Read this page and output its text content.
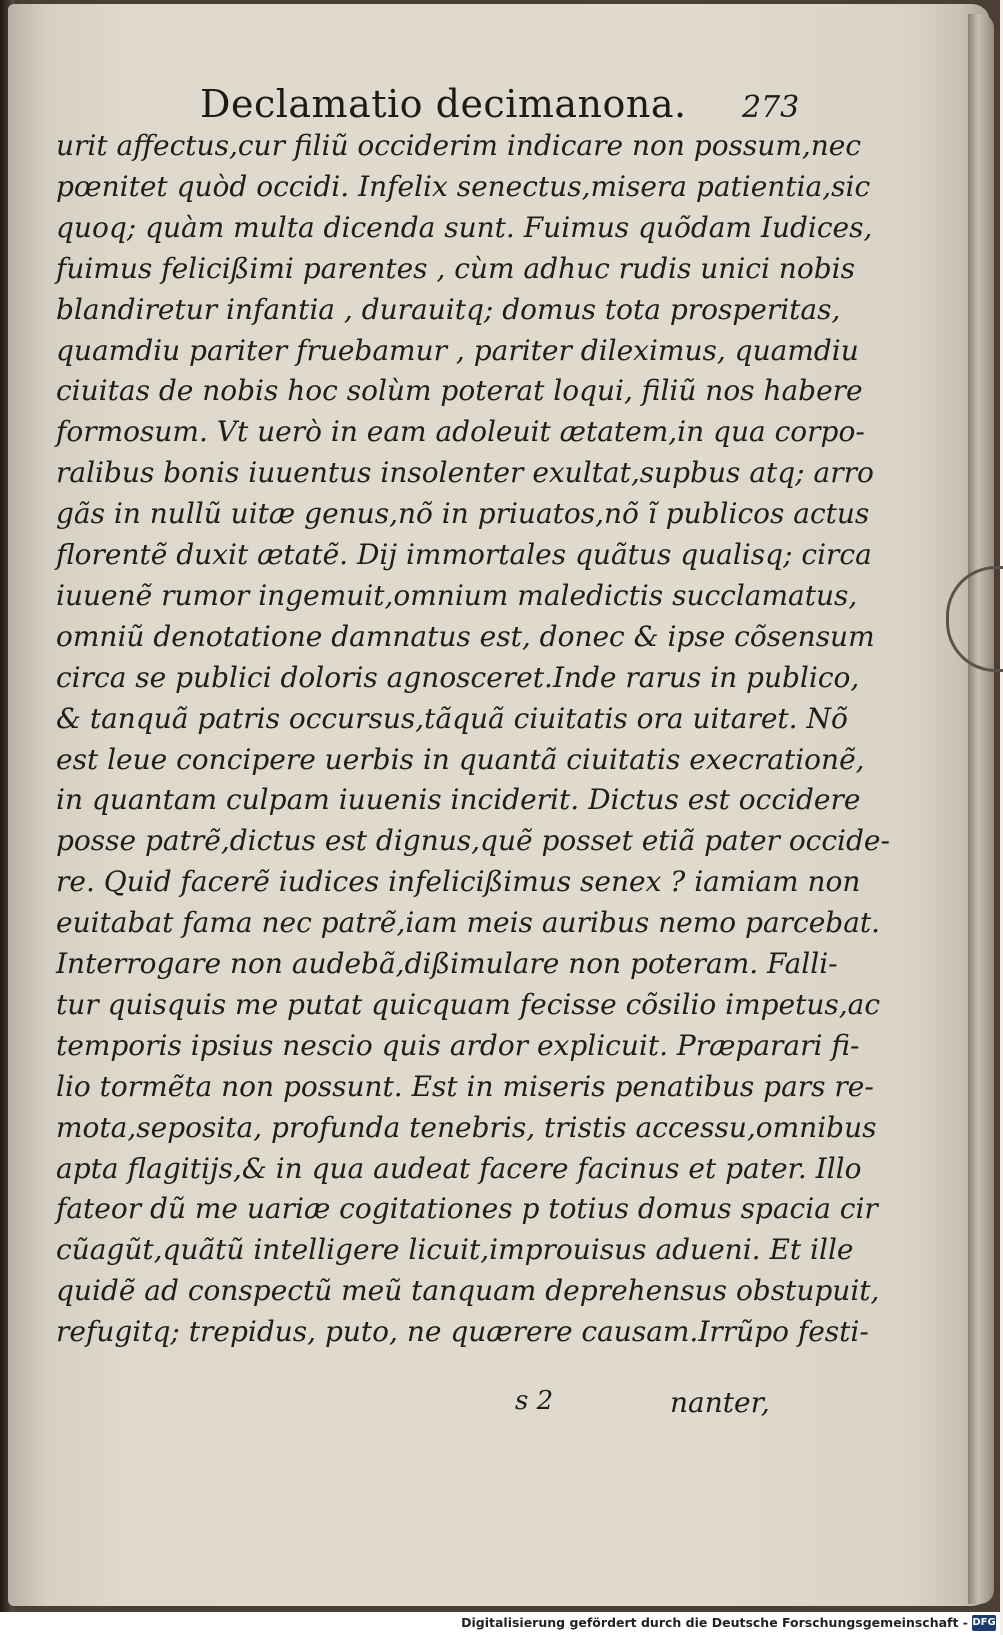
Declamatio decimanona.	273
urit affectus,cur filiũ occiderim indicare non possum,nec
pœnitet quòd occidi. Infelix senectus,misera patientia,sic
quoq; quàm multa dicenda sunt. Fuimus quõdam Iudices,
fuimus felicißimi parentes , cùm adhuc rudis unici nobis
blandiretur infantia , durauitq; domus tota prosperitas,
quamdiu pariter fruebamur , pariter dileximus, quamdiu
ciuitas de nobis hoc solùm poterat loqui, filiũ nos habere
formosum. Vt uerò in eam adoleuit ætatem,in qua corpo-
ralibus bonis iuuentus insolenter exultat,supbus atq; arro
gãs in nullũ uitæ genus,nõ in priuatos,nõ ĩ publicos actus
florentẽ duxit ætatẽ. Dij immortales quãtus qualisq; circa
iuuenẽ rumor ingemuit,omnium maledictis succlamatus,
omniũ denotatione damnatus est, donec & ipse cõsensum
circa se publici doloris agnosceret.Inde rarus in publico,
& tanquã patris occursus,tãquã ciuitatis ora uitaret. Nõ
est leue concipere uerbis in quantã ciuitatis execrationẽ,
in quantam culpam iuuenis inciderit. Dictus est occidere
posse patrẽ,dictus est dignus,quẽ posset etiã pater occide-
re. Quid facerẽ iudices infelicißimus senex ? iamiam non
euitabat fama nec patrẽ,iam meis auribus nemo parcebat.
Interrogare non audebã,dißimulare non poteram. Falli-
tur quisquis me putat quicquam fecisse cõsilio impetus,ac
temporis ipsius nescio quis ardor explicuit. Præparari fi-
lio tormẽta non possunt. Est in miseris penatibus pars re-
mota,seposita, profunda tenebris, tristis accessu,omnibus
apta flagitijs,& in qua audeat facere facinus et pater. Illo
fateor dũ me uariæ cogitationes p totius domus spacia cir
cũagũt,quãtũ intelligere licuit,improuisus adueni. Et ille
quidẽ ad conspectũ meũ tanquam deprehensus obstupuit,
refugitq; trepidus, puto, ne quærere causam.Irrũpo festi-
s 2	nanter,
Digitalisierung gefördert durch die Deutsche Forschungsgemeinschaft - DFG
